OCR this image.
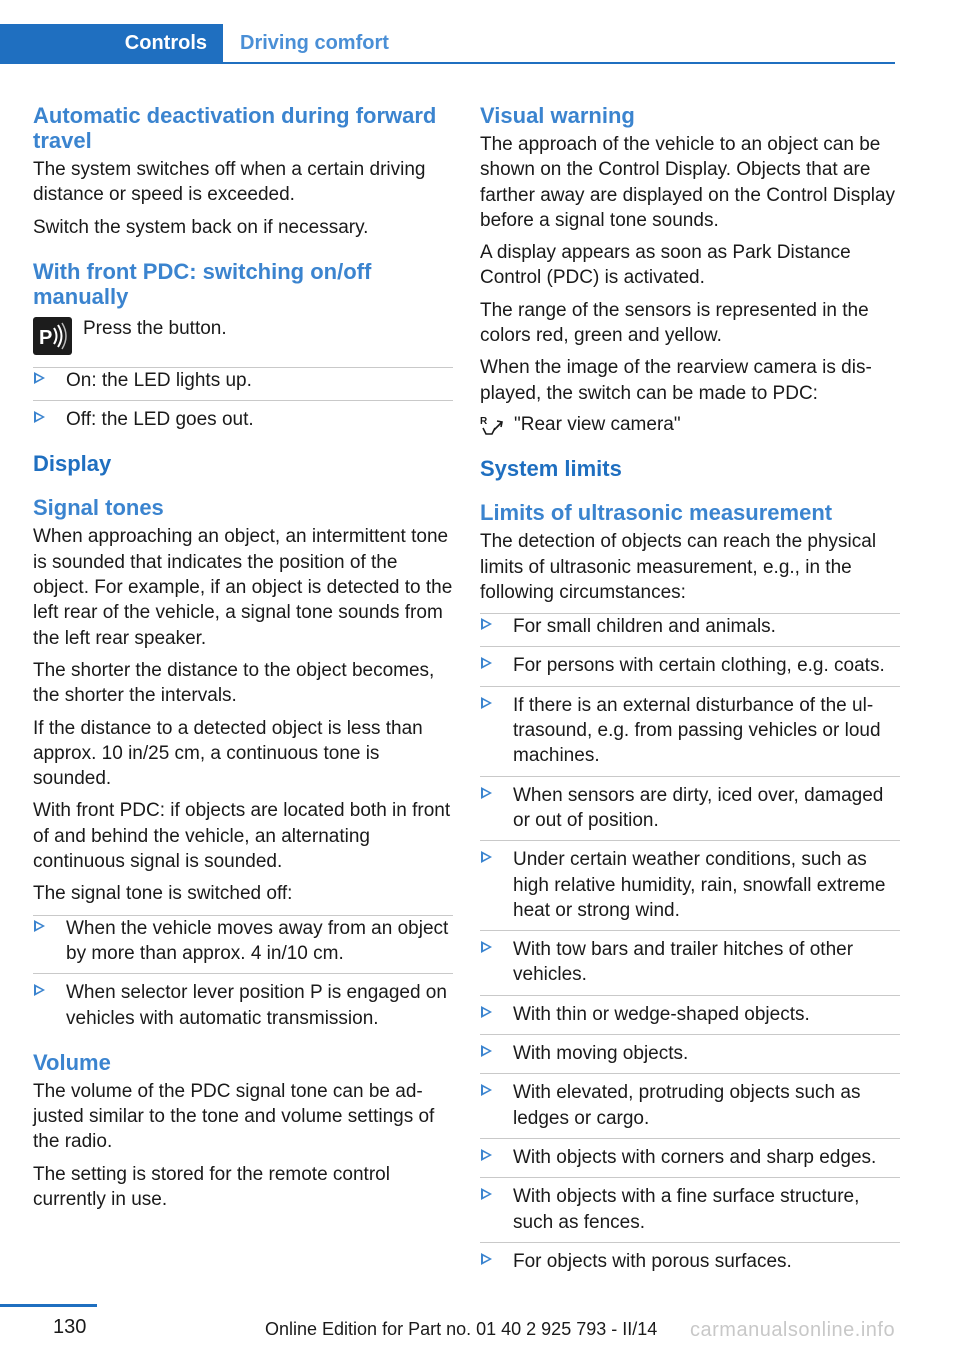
Controls	Driving comfort
Automatic deactivation during forward travel

The system switches off when a certain driving distance or speed is exceeded.

Switch the system back on if necessary.

With front PDC: switching on/off manually
P Press the button.

On: the LED lights up.
Off: the LED goes out.
Display
Signal tones

When approaching an object, an intermittent tone is sounded that indicates the position of the object. For example, if an object is detected to the left rear of the vehicle, a signal tone sounds from the left rear speaker.

The shorter the distance to the object becomes, the shorter the intervals.

If the distance to a detected object is less than approx. 10 in/25 cm, a continuous tone is sounded.

With front PDC: if objects are located both in front of and behind the vehicle, an alternating continuous signal is sounded.

The signal tone is switched off:

When the vehicle moves away from an object by more than approx. 4 in/10 cm.
When selector lever position P is engaged on vehicles with automatic transmission.
Volume

The volume of the PDC signal tone can be adjusted similar to the tone and volume settings of the radio.

The setting is stored for the remote control currently in use.

Visual warning

The approach of the vehicle to an object can be shown on the Control Display. Objects that are farther away are displayed on the Control Display before a signal tone sounds.

A display appears as soon as Park Distance Control (PDC) is activated.

The range of the sensors is represented in the colors red, green and yellow.

When the image of the rearview camera is displayed, the switch can be made to PDC:

R "Rear view camera"

System limits
Limits of ultrasonic measurement

The detection of objects can reach the physical limits of ultrasonic measurement, e.g., in the following circumstances:

For small children and animals.
For persons with certain clothing, e.g. coats.
If there is an external disturbance of the ultrasound, e.g. from passing vehicles or loud machines.
When sensors are dirty, iced over, damaged or out of position.
Under certain weather conditions, such as high relative humidity, rain, snowfall extreme heat or strong wind.
With tow bars and trailer hitches of other vehicles.
With thin or wedge-shaped objects.
With moving objects.
With elevated, protruding objects such as ledges or cargo.
With objects with corners and sharp edges.
With objects with a fine surface structure, such as fences.
For objects with porous surfaces.
130	Online Edition for Part no. 01 40 2 925 793 - II/14 carmanualsonline.info
